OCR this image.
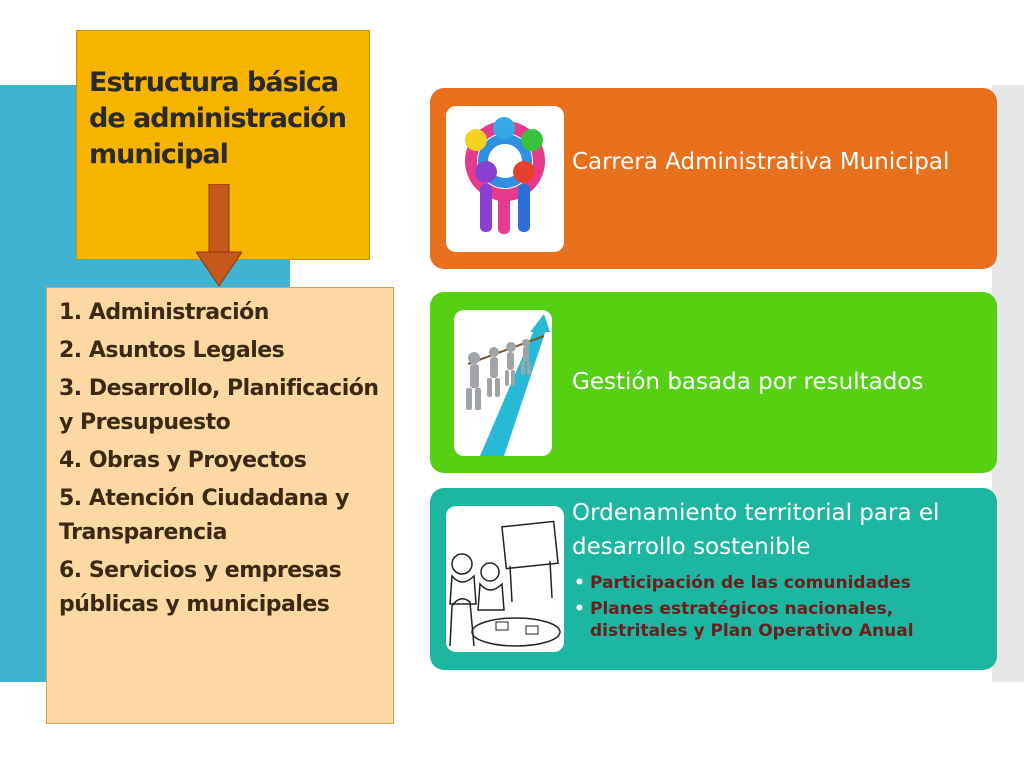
Estructura básica de administración municipal
1. Administración
2. Asuntos Legales
3. Desarrollo, Planificación y Presupuesto
4. Obras y Proyectos
5. Atención Ciudadana y Transparencia
6. Servicios y empresas públicas y municipales

Carrera Administrativa Municipal

Gestión basada por resultados

Ordenamiento territorial para el desarrollo sostenible

• Participación de las comunidades
• Planes estratégicos nacionales, distritales y Plan Operativo Anual
